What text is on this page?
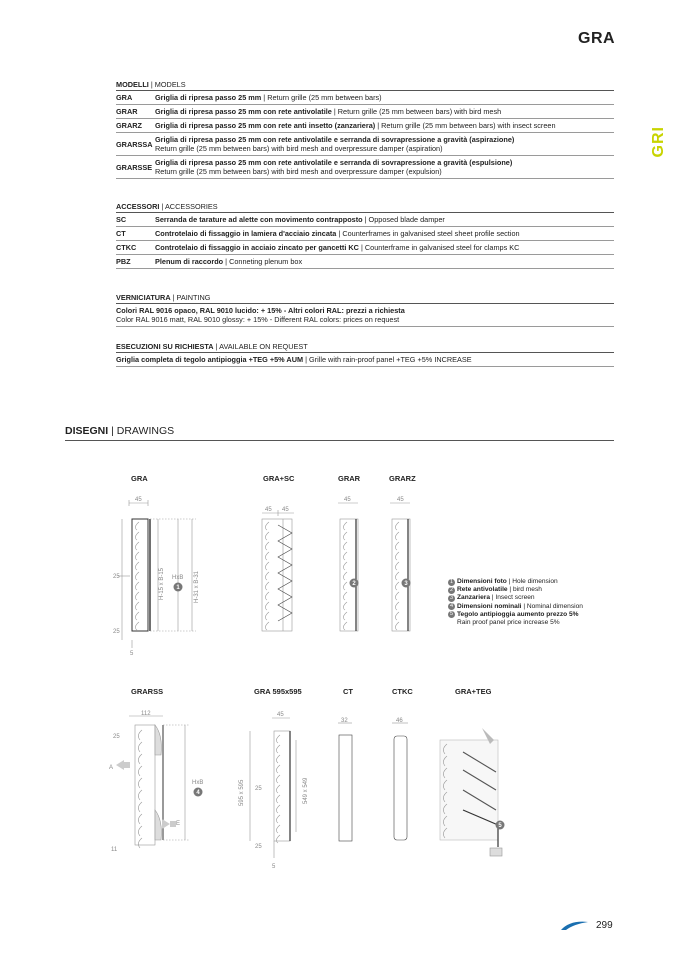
GRA
GRI
MODELLI | MODELS
GRA	Griglia di ripresa passo 25 mm | Return grille (25 mm between bars)
GRAR	Griglia di ripresa passo 25 mm con rete antivolatile | Return grille (25 mm between bars) with bird mesh
GRARZ	Griglia di ripresa passo 25 mm con rete anti insetto (zanzariera) | Return grille (25 mm between bars) with insect screen
GRARSSA Griglia di ripresa passo 25 mm con rete antivolatile e serranda di sovrapressione a gravità (aspirazione)
Return grille (25 mm between bars) with bird mesh and overpressure damper (aspiration)
GRARSSE Griglia di ripresa passo 25 mm con rete antivolatile e serranda di sovrapressione a gravità (espulsione)
Return grille (25 mm between bars) with bird mesh and overpressure damper (expulsion)
ACCESSORI | ACCESSORIES
SC	Serranda de tarature ad alette con movimento contrapposto | Opposed blade damper
CT	Controtelaio di fissaggio in lamiera d'acciaio zincata | Counterframes in galvanised steel sheet profile section
CTKC	Controtelaio di fissaggio in acciaio zincato per gancetti KC | Counterframe in galvanised steel for clamps KC
PBZ	Plenum di raccordo | Conneting plenum box
VERNICIATURA | PAINTING
Colori RAL 9016 opaco, RAL 9010 lucido: + 15% - Altri colori RAL: prezzi a richiesta
Color RAL 9016 matt, RAL 9010 glossy: + 15% - Different RAL colors: prices on request
ESECUZIONI SU RICHIESTA | AVAILABLE ON REQUEST
Griglia completa di tegolo antipioggia +TEG +5% AUM | Grille with rain-proof panel +TEG +5% INCREASE
DISEGNI | DRAWINGS
GRA	GRA+SC	GRAR	GRARZ
GRARSS	GRA 595x595	CT	CTKC	GRA+TEG
45
25
25
5
HxB
H-15 x B-15	H-31 x B-31
45 45
45	45
112
25
A
E
HxB
11
45
595 x 595	549 x 549
25
25
5
32	46
1
2	3
4
5
1 Dimensioni foto | Hole dimension
2 Rete antivolatile | bird mesh
3 Zanzariera | Insect screen
4 Dimensioni nominali | Nominal dimension
5 Tegolo antipioggia aumento prezzo 5%
Rain proof panel price increase 5%
299
